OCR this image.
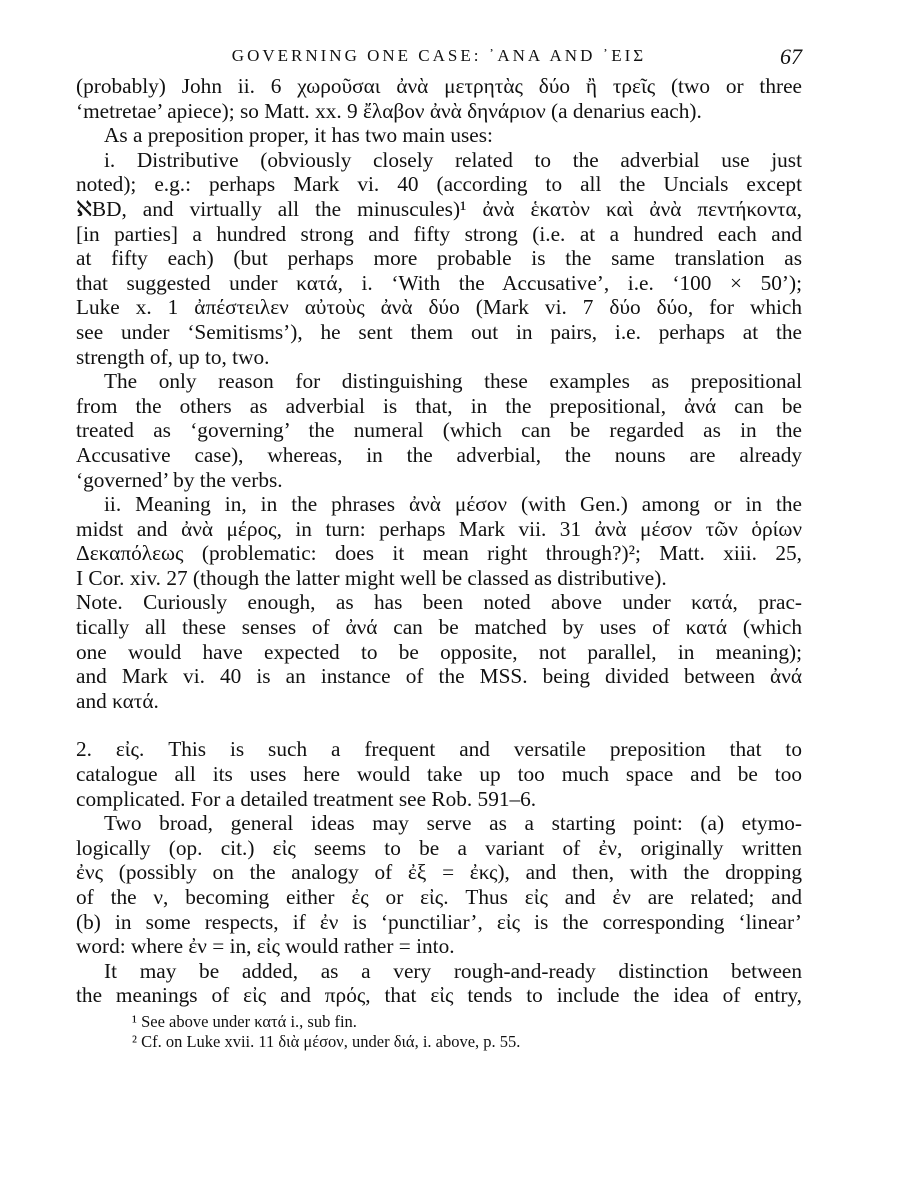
GOVERNING ONE CASE: ᾿ΑΝΑ AND ᾿ΕΙΣ	67
(probably) John ii. 6 χωροῦσαι ἀνὰ μετρητὰς δύο ἢ τρεῖς (two or three
‘metretae’ apiece); so Matt. xx. 9 ἔλαβον ἀνὰ δηνάριον (a denarius each).
As a preposition proper, it has two main uses:
i. Distributive (obviously closely related to the adverbial use just
noted); e.g.: perhaps Mark vi. 40 (according to all the Uncials except
ℵBD, and virtually all the minuscules)¹ ἀνὰ ἑκατὸν καὶ ἀνὰ πεντήκοντα,
[in parties] a hundred strong and fifty strong (i.e. at a hundred each and
at fifty each) (but perhaps more probable is the same translation as
that suggested under κατά, i. ‘With the Accusative’, i.e. ‘100 × 50’);
Luke x. 1 ἀπέστειλεν αὐτοὺς ἀνὰ δύο (Mark vi. 7 δύο δύο, for which
see under ‘Semitisms’), he sent them out in pairs, i.e. perhaps at the
strength of, up to, two.
The only reason for distinguishing these examples as prepositional
from the others as adverbial is that, in the prepositional, ἀνά can be
treated as ‘governing’ the numeral (which can be regarded as in the
Accusative case), whereas, in the adverbial, the nouns are already
‘governed’ by the verbs.
ii. Meaning in, in the phrases ἀνὰ μέσον (with Gen.) among or in the
midst and ἀνὰ μέρος, in turn: perhaps Mark vii. 31 ἀνὰ μέσον τῶν ὁρίων
Δεκαπόλεως (problematic: does it mean right through?)²; Matt. xiii. 25,
I Cor. xiv. 27 (though the latter might well be classed as distributive).
Note. Curiously enough, as has been noted above under κατά, prac-
tically all these senses of ἀνά can be matched by uses of κατά (which
one would have expected to be opposite, not parallel, in meaning);
and Mark vi. 40 is an instance of the MSS. being divided between ἀνά
and κατά.
2. εἰς. This is such a frequent and versatile preposition that to
catalogue all its uses here would take up too much space and be too
complicated. For a detailed treatment see Rob. 591–6.
Two broad, general ideas may serve as a starting point: (a) etymo-
logically (op. cit.) εἰς seems to be a variant of ἐν, originally written
ἐνς (possibly on the analogy of ἐξ = ἐκς), and then, with the dropping
of the ν, becoming either ἐς or εἰς. Thus εἰς and ἐν are related; and
(b) in some respects, if ἐν is ‘punctiliar’, εἰς is the corresponding ‘linear’
word: where ἐν = in, εἰς would rather = into.
It may be added, as a very rough-and-ready distinction between
the meanings of εἰς and πρός, that εἰς tends to include the idea of entry,
¹ See above under κατά i., sub fin.
² Cf. on Luke xvii. 11 διὰ μέσον, under διά, i. above, p. 55.
